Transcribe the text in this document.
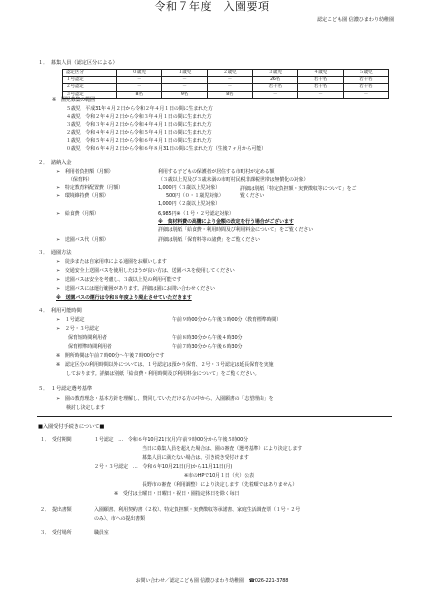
認定こども園 信濃ひまわり幼稚園
令和７年度　入園要項
１．　募集人員（認定区分による）
認定区分	０歳児	１歳児	２歳児	３歳児	４歳児	５歳児
１号認定	－	－	－	26名	若干名	若干名
２号認定	－	－	－	若干名	若干名	若干名
３号認定	8名	9名	8名	－	－	－
※　園児募集の範囲
５歳児  平成31年４月２日から令和２年４月１日の間に生まれた方
４歳児  令和２年４月２日から令和３年４月１日の間に生まれた方
３歳児  令和３年４月２日から令和４年４月１日の間に生まれた方
２歳児  令和４年４月２日から令和５年４月１日の間に生まれた方
１歳児  令和５年４月２日から令和６年４月１日の間に生まれた方
０歳児  令和６年４月２日から令和６年８月31日の間に生まれた方（生後７ヶ月から可能）
２．　諸納入金
➢　利用者負担額（月額）	利用する子どもの保護者が居住する市町村が定める額
（保育料）	（３歳以上児及び３歳未満の市町村民税非課税世帯は無償化の対象）
➢　特定教育料配置費（月額）	1,000円（３歳以上児対象）
➢　環境維持費（月額）	500円（０・１歳児対象）
1,000円（２歳以上児対象）
詳細は別紙「特定負担額・実費徴収等について」をご覧ください
➢　給食費（月額）	6,985円※（１号・２号認定対象）
※　食材料費の高騰により金額の改定を行う場合がございます
詳細は別紙「給食費・利用時間及び利用料金について」をご覧ください
➢　送園バス代（月額）	詳細は別紙「保育料等の諸費」をご覧ください
３．　通園方法
➢　徒歩または自家用車による通園をお願いします
➢　交通安全上送園バスを使用したほうが良い方は、送園バスを使用してください
➢　送園バスは安全を考慮し、３歳以上児の利用可能です
➢　送園バスには運行範囲があります。詳細は園にお問い合わせください
※　送園バスの運行は令和８年度より廃止させていただきます
４．　利用可能時間
➢　１号認定	午前９時00分から午後３時00分（教育標準時間）
➢　２号・３号認定
保育短時間利用者	午前８時30分から午後４時30分
保育標準時間利用者	午前７時30分から午後６時30分
※　開所時間は午前７時00分～午後７時00分です
※　認定区分の利用時間以外については、１号認定は預かり保育、２号・３号認定は延長保育を実施
しております。詳細は別紙「給食費・利用時間及び利用料金について」をご覧ください。
５．　１号認定選考基準
➢　園の教育理念・基本方針を理解し、賛同していただける方の中から、入園願書の「志望理由」を
検討し決定します
■入園受付手続きについて■
１．　受付期間	１号認定　…　令和６年10月21日(月)午前９時00分から午後５時00分
当日に募集人員を超えた場合は、園の審査（選考基準）により決定します
募集人員に満たない場合は、引き続き受付けます
２号・３号認定　…　令和６年10月21日(月)から11月11日(月)
※市のHPで10月１日（火）公表
長野市の審査（利用調整）により決定します（先着順ではありません）
※　受付は土曜日・日曜日・祝日・園指定休日を除く毎日
２．　提出書類	入園願書、利用契約書（２枚）、特定負担額・実費徴収等承諾書、家庭生活調査票（１号・２号
のみ）、市への提出書類
３．　受付場所	職員室
お問い合わせ／認定こども園 信濃ひまわり幼稚園　☎026-221-3788
